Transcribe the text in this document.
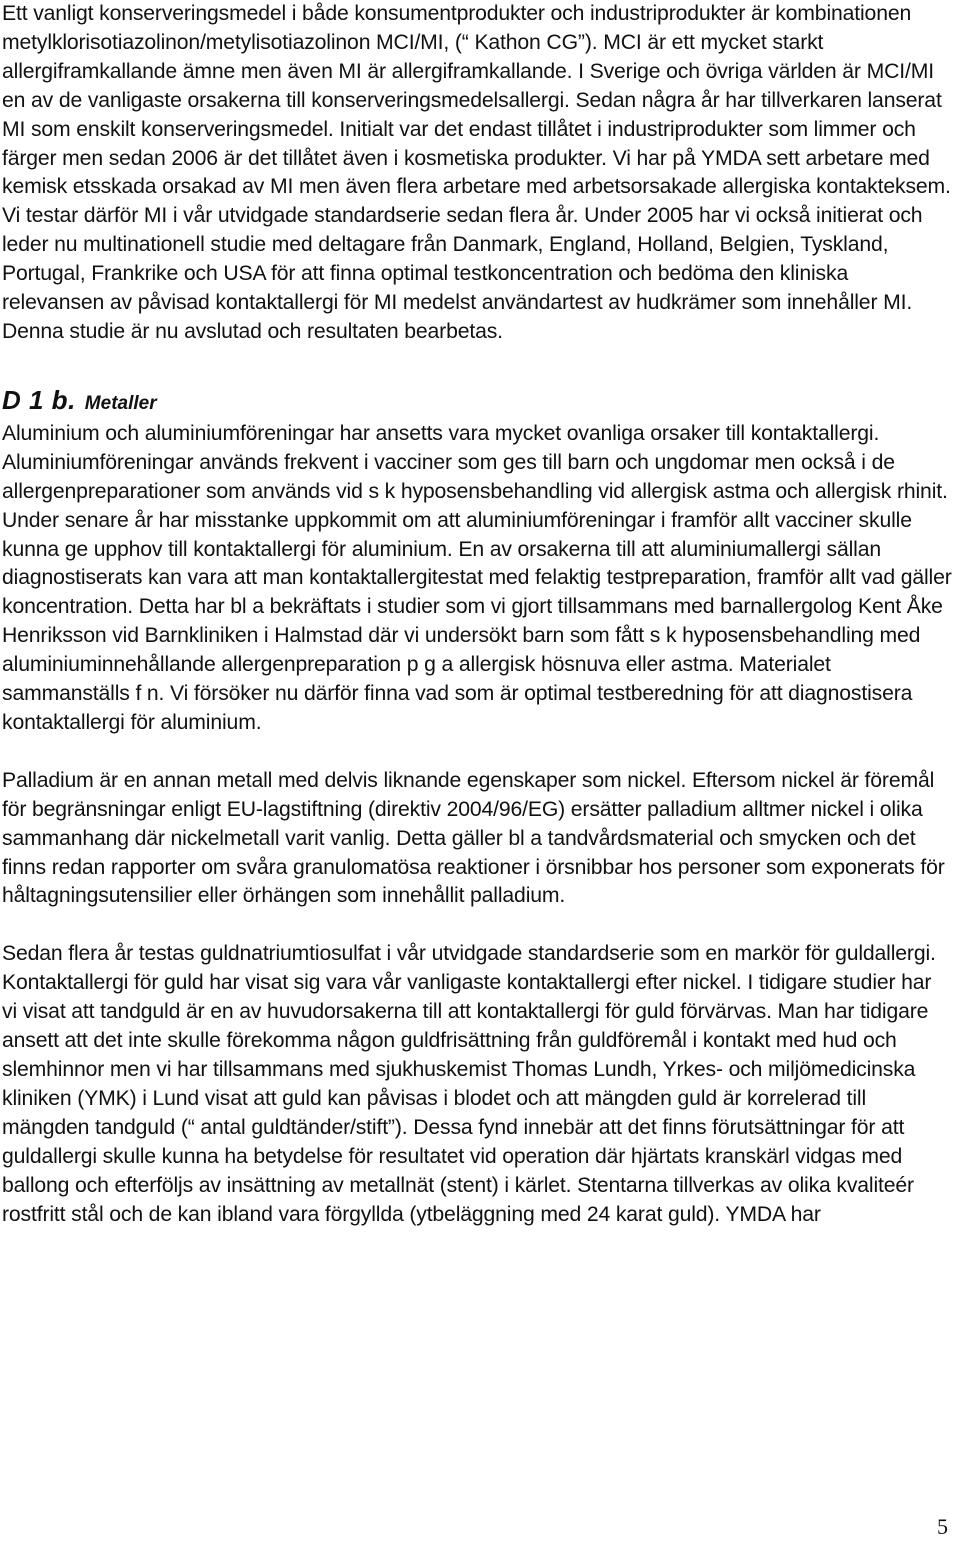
Ett vanligt konserveringsmedel i både konsumentprodukter och industriprodukter är kombinationen metylklorisotiazolinon/metylisotiazolinon MCI/MI, (“ Kathon CG”). MCI är ett mycket starkt allergiframkallande ämne men även MI är allergiframkallande. I Sverige och övriga världen är MCI/MI en av de vanligaste orsakerna till konserveringsmedelsallergi. Sedan några år har tillverkaren lanserat MI som enskilt konserveringsmedel. Initialt var det endast tillåtet i industriprodukter som limmer och färger men sedan 2006 är det tillåtet även i kosmetiska produkter. Vi har på YMDA sett arbetare med kemisk etsskada orsakad av MI men även flera arbetare med arbetsorsakade allergiska kontakteksem. Vi testar därför MI i vår utvidgade standardserie sedan flera år. Under 2005 har vi också initierat och leder nu multinationell studie med deltagare från Danmark, England, Holland, Belgien, Tyskland, Portugal, Frankrike och USA för att finna optimal testkoncentration och bedöma den kliniska relevansen av påvisad kontaktallergi för MI medelst användartest av hudkrämer som innehåller MI. Denna studie är nu avslutad och resultaten bearbetas.

D 1 b. Metaller

Aluminium och aluminiumföreningar har ansetts vara mycket ovanliga orsaker till kontaktallergi. Aluminiumföreningar används frekvent i vacciner som ges till barn och ungdomar men också i de allergenpreparationer som används vid s k hyposensbehandling vid allergisk astma och allergisk rhinit. Under senare år har misstanke uppkommit om att aluminiumföreningar i framför allt vacciner skulle kunna ge upphov till kontaktallergi för aluminium. En av orsakerna till att aluminiumallergi sällan diagnostiserats kan vara att man kontaktallergitestat med felaktig testpreparation, framför allt vad gäller koncentration. Detta har bl a bekräftats i studier som vi gjort tillsammans med barnallergolog Kent Åke Henriksson vid Barnkliniken i Halmstad där vi undersökt barn som fått s k hyposensbehandling med aluminiuminnehållande allergenpreparation p g a allergisk hösnuva eller astma. Materialet sammanställs f n. Vi försöker nu därför finna vad som är optimal testberedning för att diagnostisera kontaktallergi för aluminium.

Palladium är en annan metall med delvis liknande egenskaper som nickel. Eftersom nickel är föremål för begränsningar enligt EU-lagstiftning (direktiv 2004/96/EG) ersätter palladium alltmer nickel i olika sammanhang där nickelmetall varit vanlig. Detta gäller bl a tandvårdsmaterial och smycken och det finns redan rapporter om svåra granulomatösa reaktioner i örsnibbar hos personer som exponerats för håltagningsutensilier eller örhängen som innehållit palladium.

Sedan flera år testas guldnatriumtiosulfat i vår utvidgade standardserie som en markör för guldallergi. Kontaktallergi för guld har visat sig vara vår vanligaste kontaktallergi efter nickel. I tidigare studier har vi visat att tandguld är en av huvudorsakerna till att kontaktallergi för guld förvärvas. Man har tidigare ansett att det inte skulle förekomma någon guldfrisättning från guldföremål i kontakt med hud och slemhinnor men vi har tillsammans med sjukhuskemist Thomas Lundh, Yrkes- och miljömedicinska kliniken (YMK) i Lund visat att guld kan påvisas i blodet och att mängden guld är korrelerad till mängden tandguld (“ antal guldtänder/stift”). Dessa fynd innebär att det finns förutsättningar för att guldallergi skulle kunna ha betydelse för resultatet vid operation där hjärtats kranskärl vidgas med ballong och efterföljs av insättning av metallnät (stent) i kärlet. Stentarna tillverkas av olika kvaliteér rostfritt stål och de kan ibland vara förgyllda (ytbeläggning med 24 karat guld). YMDA har

5
